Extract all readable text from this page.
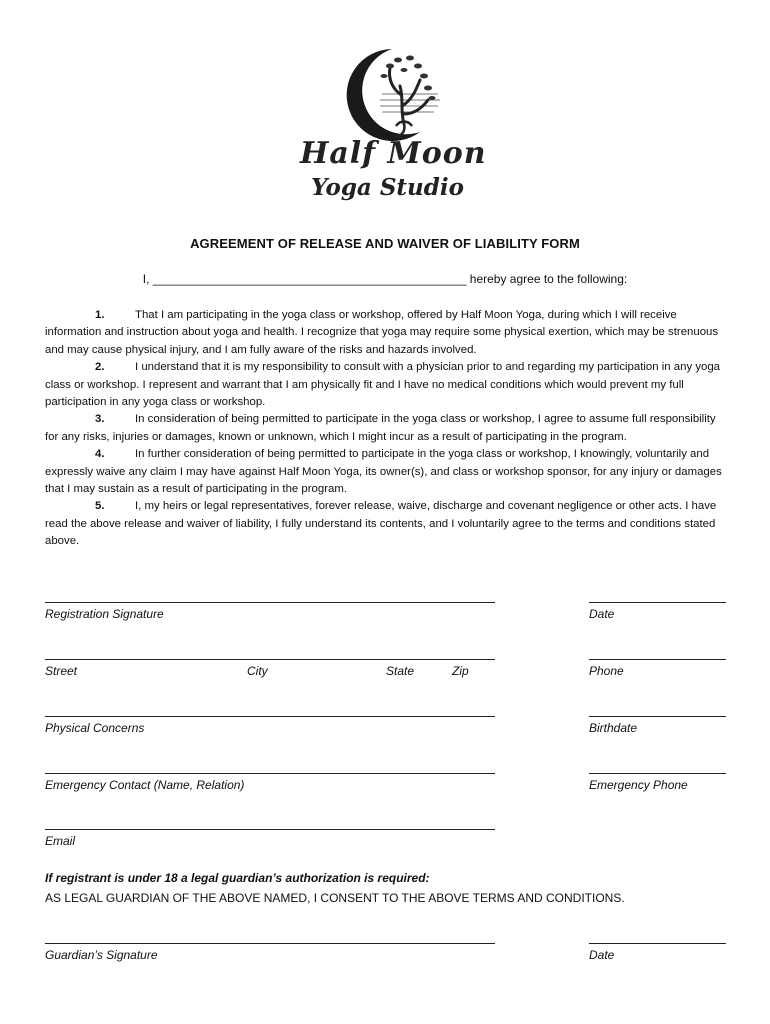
Half Moon
Yoga Studio
AGREEMENT OF RELEASE AND WAIVER OF LIABILITY FORM
I, _______________________________________________ hereby agree to the following:

1.	That I am participating in the yoga class or workshop, offered by Half Moon Yoga, during which I will receive information and instruction about yoga and health. I recognize that yoga may require some physical exertion, which may be strenuous and may cause physical injury, and I am fully aware of the risks and hazards involved.

2.	I understand that it is my responsibility to consult with a physician prior to and regarding my participation in any yoga class or workshop. I represent and warrant that I am physically fit and I have no medical conditions which would prevent my full participation in any yoga class or workshop.

3.	In consideration of being permitted to participate in the yoga class or workshop, I agree to assume full responsibility for any risks, injuries or damages, known or unknown, which I might incur as a result of participating in the program.

4.	In further consideration of being permitted to participate in the yoga class or workshop, I knowingly, voluntarily and expressly waive any claim I may have against Half Moon Yoga, its owner(s), and class or workshop sponsor, for any injury or damages that I may sustain as a result of participating in the program.

5.	I, my heirs or legal representatives, forever release, waive, discharge and covenant negligence or other acts. I have read the above release and waiver of liability, I fully understand its contents, and I voluntarily agree to the terms and conditions stated above.

Registration Signature	Date
Street	City	State	Zip	Phone
Physical Concerns	Birthdate
Emergency Contact (Name, Relation)	Emergency Phone
Email
If registrant is under 18 a legal guardian’s authorization is required:
AS LEGAL GUARDIAN OF THE ABOVE NAMED, I CONSENT TO THE ABOVE TERMS AND CONDITIONS.
Guardian’s Signature	Date
